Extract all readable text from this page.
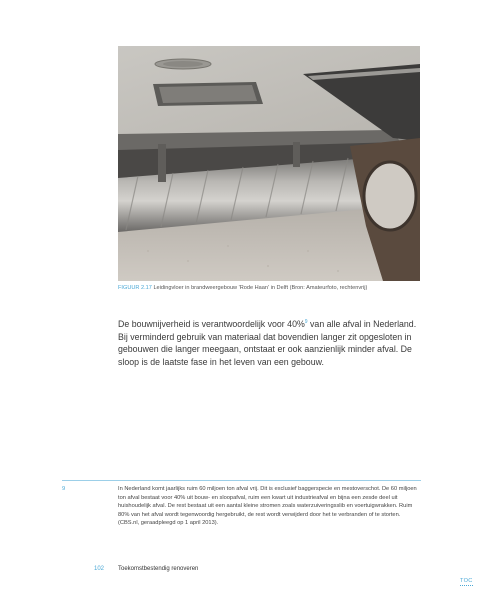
FIGUUR 2.17 Leidingvloer in brandweergebouw 'Rode Haan' in Delft (Bron: Amateurfoto, rechtenvrij)
De bouwnijverheid is verantwoordelijk voor 40%$^9$ van alle afval in Nederland. Bij verminderd gebruik van materiaal dat bovendien langer zit opgesloten in gebouwen die langer meegaan, ontstaat er ook aanzienlijk minder afval. De sloop is de laatste fase in het leven van een gebouw.
9	In Nederland komt jaarlijks ruim 60 miljoen ton afval vrij. Dit is exclusief baggerspecie en mestoverschot. De 60 miljoen ton afval bestaat voor 40% uit bouw- en sloopafval, ruim een kwart uit industrieafval en bijna een zesde deel uit huishoudelijk afval. De rest bestaat uit een aantal kleine stromen zoals waterzuiveringsslib en voertuigwrakken. Ruim 80% van het afval wordt tegenwoordig hergebruikt, de rest wordt verwijderd door het te verbranden of te storten. (CBS.nl, geraadpleegd op 1 april 2013).
102 Toekomstbestendig renoveren
TOC
